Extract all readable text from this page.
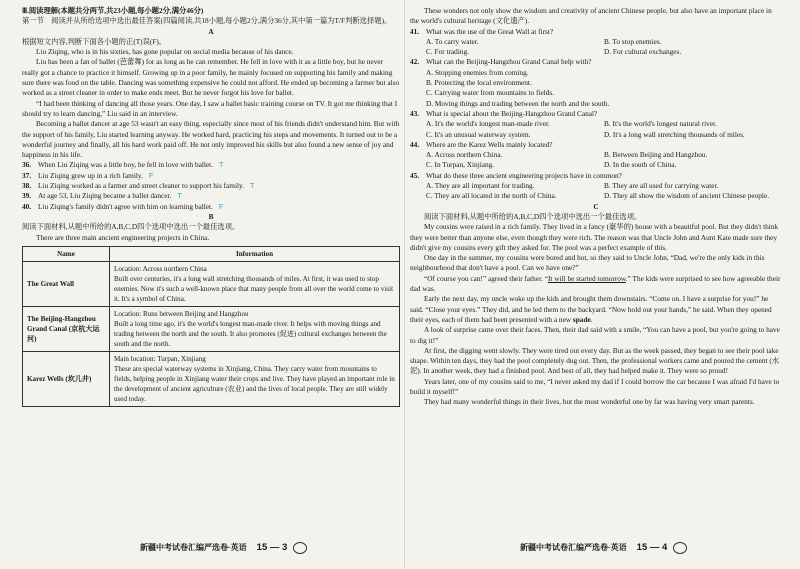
Ⅲ.阅读理解(本题共分两节,共23小题,每小题2分,满分46分)

第一节　阅读并从所给选项中选出最佳答案(四篇阅读,共18小题,每小题2分,满分36分,其中第一篇为T/F判断选择题)。

A

根据短文内容,判断下面各小题的正(T)误(F)。

Liu Ziqing, who is in his sixties, has gone popular on social media because of his dance.

Liu has been a fan of ballet (芭蕾舞) for as long as he can remember. He fell in love with it as a little boy, but he never really got a chance to practice it himself. Growing up in a poor family, he mainly focused on supporting his family and making sure there was food on the table. Dancing was something expensive he could not afford. He ended up becoming a farmer but also worked as a street cleaner in order to make ends meet. But he never forgot his love for ballet.

“I had been thinking of dancing all those years. One day, I saw a ballet basic training course on TV. It got me thinking that I should try to learn dancing,” Liu said in an interview.

Becoming a ballet dancer at age 53 wasn't an easy thing, especially since most of his friends didn't understand him. But with the support of his family, Liu started learning anyway. He worked hard, practicing his steps and movements. It turned out to be a wonderful journey and finally, all his hard work paid off. He not only improved his skills but also found a new sense of joy and happiness in his life.

36. When Liu Ziqing was a little boy, he fell in love with ballet. T
37. Liu Ziqing grew up in a rich family. F
38. Liu Ziqing worked as a farmer and street cleaner to support his family. T
39. At age 53, Liu Ziqing became a ballet dancer. T
40. Liu Ziqing's family didn't agree with him on learning ballet. F

B

阅读下面材料,从题中所给的A,B,C,D四个选项中选出一个最佳选项。

There are three main ancient engineering projects in China.

Name	Information
The Great Wall	Location: Across northern China

Built over centuries, it's a long wall stretching thousands of miles. At first, it was used to stop enemies. Now it's such a well-known place that many people from all over the world come to visit it. It's a symbol of China.

The Beijing-Hangzhou Grand Canal (京杭大运河)	Location: Runs between Beijing and Hangzhou

Built a long time ago, it's the world's longest man-made river. It helps with moving things and trading between the north and the south. It also promotes (促进) cultural exchanges between the south and the north.

Karez Wells (坎儿井)	Main location: Turpan, Xinjiang

These are special waterway systems in Xinjiang, China. They carry water from mountains to fields, helping people in Xinjiang water their crops and live. They have played an important role in the development of ancient agriculture (农业) and the lives of local people. They are still widely used today.

新疆中考试卷汇编严选卷·英语 15 — 3

These wonders not only show the wisdom and creativity of ancient Chinese people, but also have an important place in the world's cultural heritage (文化遗产).

41. What was the use of the Great Wall at first?
A. To carry water.	B. To stop enemies.
C. For trading.	D. For cultural exchanges.
42. What can the Beijing-Hangzhou Grand Canal help with?

A. Stopping enemies from coming.

B. Protecting the local environment.

C. Carrying water from mountains to fields.

D. Moving things and trading between the north and the south.

43. What is special about the Beijing-Hangzhou Grand Canal?
A. It's the world's longest man-made river.	B. It's the world's longest natural river.
C. It's an unusual waterway system.	D. It's a long wall stretching thousands of miles.
44. Where are the Karez Wells mainly located?
A. Across northern China.	B. Between Beijing and Hangzhou.
C. In Turpan, Xinjiang.	D. In the south of China.
45. What do these three ancient engineering projects have in common?
A. They are all important for trading.	B. They are all used for carrying water.
C. They are all located in the north of China.	D. They all show the wisdom of ancient Chinese people.

C

阅读下面材料,从题中所给的A,B,C,D四个选项中选出一个最佳选项。

My cousins were raised in a rich family. They lived in a fancy (豪华的) house with a beautiful pool. But they didn't think they were better than anyone else, even though they were rich. The reason was that Uncle John and Aunt Kate made sure they didn't give my cousins every gift they asked for. The pool was a perfect example of this.

One day in the summer, my cousins were bored and hot, so they said to Uncle John, “Dad, we're the only kids in this neighbourhood that don't have a pool. Can we have one?”

“Of course you can!” agreed their father. “It will be started tomorrow.” The kids were surprised to see how agreeable their dad was.

Early the next day, my uncle woke up the kids and brought them downstairs. “Come on. I have a surprise for you!” he said. “Close your eyes.” They did, and he led them to the backyard. “Now hold out your hands,” he said. When they opened their eyes, each of them had been presented with a new spade.

A look of surprise came over their faces. Then, their dad said with a smile, “You can have a pool, but you're going to have to dig it!”

At first, the digging went slowly. They were tired out every day. But as the week passed, they began to see their pool take shape. Within ten days, they had the pool completely dug out. Then, the professional workers came and poured the cement (水泥). In another week, they had a finished pool. And best of all, they had helped make it. They were so proud!

Years later, one of my cousins said to me, “I never asked my dad if I could borrow the car because I was afraid I'd have to build it myself!”

They had many wonderful things in their lives, but the most wonderful one by far was having very smart parents.

新疆中考试卷汇编严选卷·英语 15 — 4
